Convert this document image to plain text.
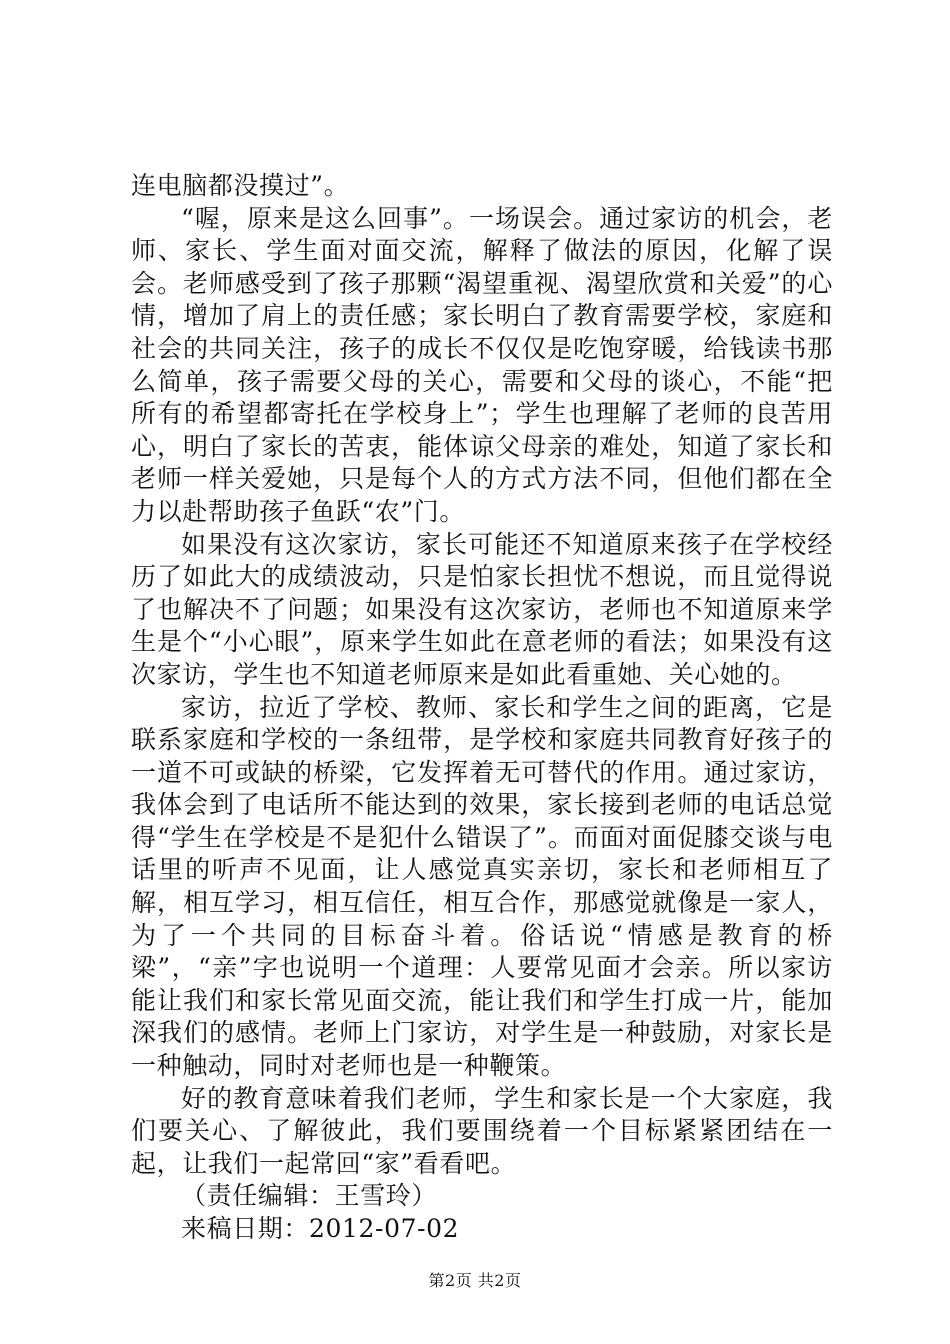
连电脑都没摸过”。

“喔，原来是这么回事”。一场误会。通过家访的机会，老师、家长、学生面对面交流，解释了做法的原因，化解了误会。老师感受到了孩子那颗“渴望重视、渴望欣赏和关爱”的心情，增加了肩上的责任感；家长明白了教育需要学校，家庭和社会的共同关注，孩子的成长不仅仅是吃饱穿暖，给钱读书那么简单，孩子需要父母的关心，需要和父母的谈心，不能“把所有的希望都寄托在学校身上”；学生也理解了老师的良苦用心，明白了家长的苦衷，能体谅父母亲的难处，知道了家长和老师一样关爱她，只是每个人的方式方法不同，但他们都在全力以赴帮助孩子鱼跃“农”门。

如果没有这次家访，家长可能还不知道原来孩子在学校经历了如此大的成绩波动，只是怕家长担忧不想说，而且觉得说了也解决不了问题；如果没有这次家访，老师也不知道原来学生是个“小心眼”，原来学生如此在意老师的看法；如果没有这次家访，学生也不知道老师原来是如此看重她、关心她的。

家访，拉近了学校、教师、家长和学生之间的距离，它是联系家庭和学校的一条纽带，是学校和家庭共同教育好孩子的一道不可或缺的桥梁，它发挥着无可替代的作用。通过家访，我体会到了电话所不能达到的效果，家长接到老师的电话总觉得“学生在学校是不是犯什么错误了”。而面对面促膝交谈与电话里的听声不见面，让人感觉真实亲切，家长和老师相互了解，相互学习，相互信任，相互合作，那感觉就像是一家人，为了一个共同的目标奋斗着。俗话说“情感是教育的桥梁”，“亲”字也说明一个道理：人要常见面才会亲。所以家访能让我们和家长常见面交流，能让我们和学生打成一片，能加深我们的感情。老师上门家访，对学生是一种鼓励，对家长是一种触动，同时对老师也是一种鞭策。

好的教育意味着我们老师，学生和家长是一个大家庭，我们要关心、了解彼此，我们要围绕着一个目标紧紧团结在一起，让我们一起常回“家”看看吧。

（责任编辑：王雪玲）

来稿日期：2012-07-02

第2页 共2页
